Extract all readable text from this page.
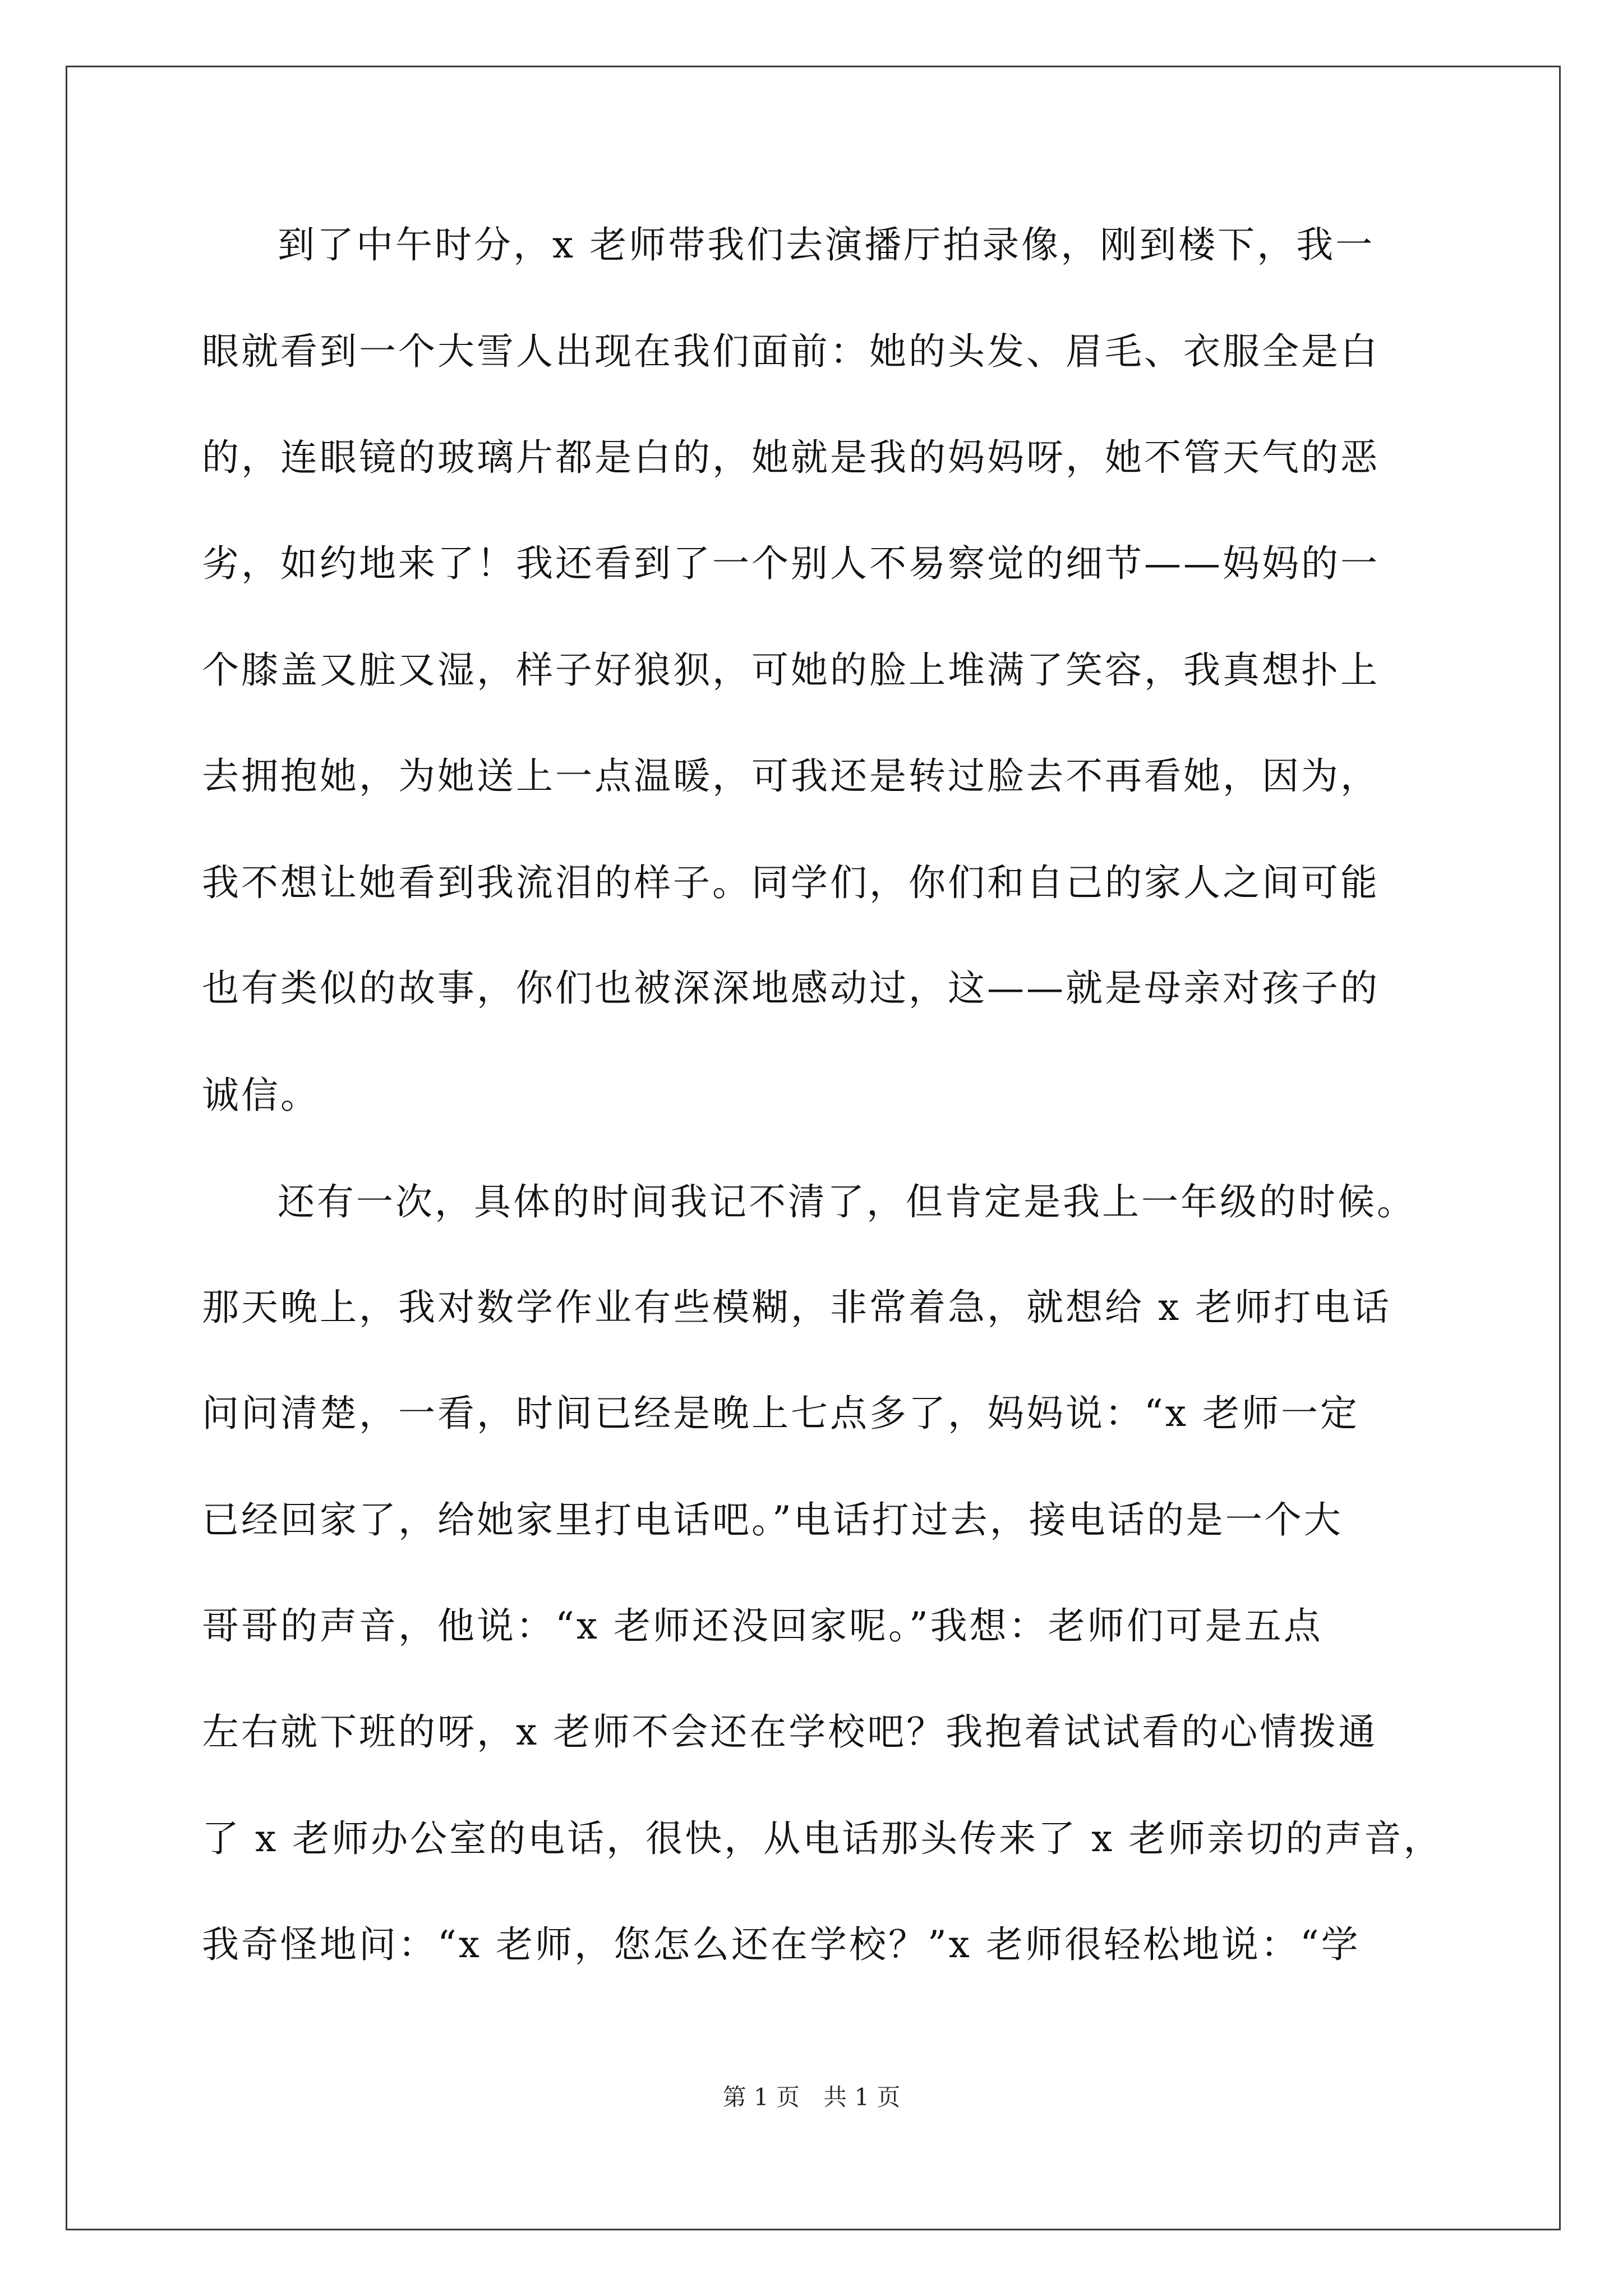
到了中午时分，x 老师带我们去演播厅拍录像，刚到楼下，我一

眼就看到一个大雪人出现在我们面前：她的头发、眉毛、衣服全是白

的，连眼镜的玻璃片都是白的，她就是我的妈妈呀，她不管天气的恶

劣，如约地来了！我还看到了一个别人不易察觉的细节——妈妈的一

个膝盖又脏又湿，样子好狼狈，可她的脸上堆满了笑容，我真想扑上

去拥抱她，为她送上一点温暖，可我还是转过脸去不再看她，因为，

我不想让她看到我流泪的样子。同学们，你们和自己的家人之间可能

也有类似的故事，你们也被深深地感动过，这——就是母亲对孩子的

诚信。

还有一次，具体的时间我记不清了，但肯定是我上一年级的时候。

那天晚上，我对数学作业有些模糊，非常着急，就想给 x 老师打电话

问问清楚，一看，时间已经是晚上七点多了，妈妈说：“x 老师一定

已经回家了，给她家里打电话吧。”电话打过去，接电话的是一个大

哥哥的声音，他说：“x 老师还没回家呢。”我想：老师们可是五点

左右就下班的呀，x 老师不会还在学校吧？我抱着试试看的心情拨通

了 x 老师办公室的电话，很快，从电话那头传来了 x 老师亲切的声音，

我奇怪地问：“x 老师，您怎么还在学校？”x 老师很轻松地说：“学

第 1 页　共 1 页
